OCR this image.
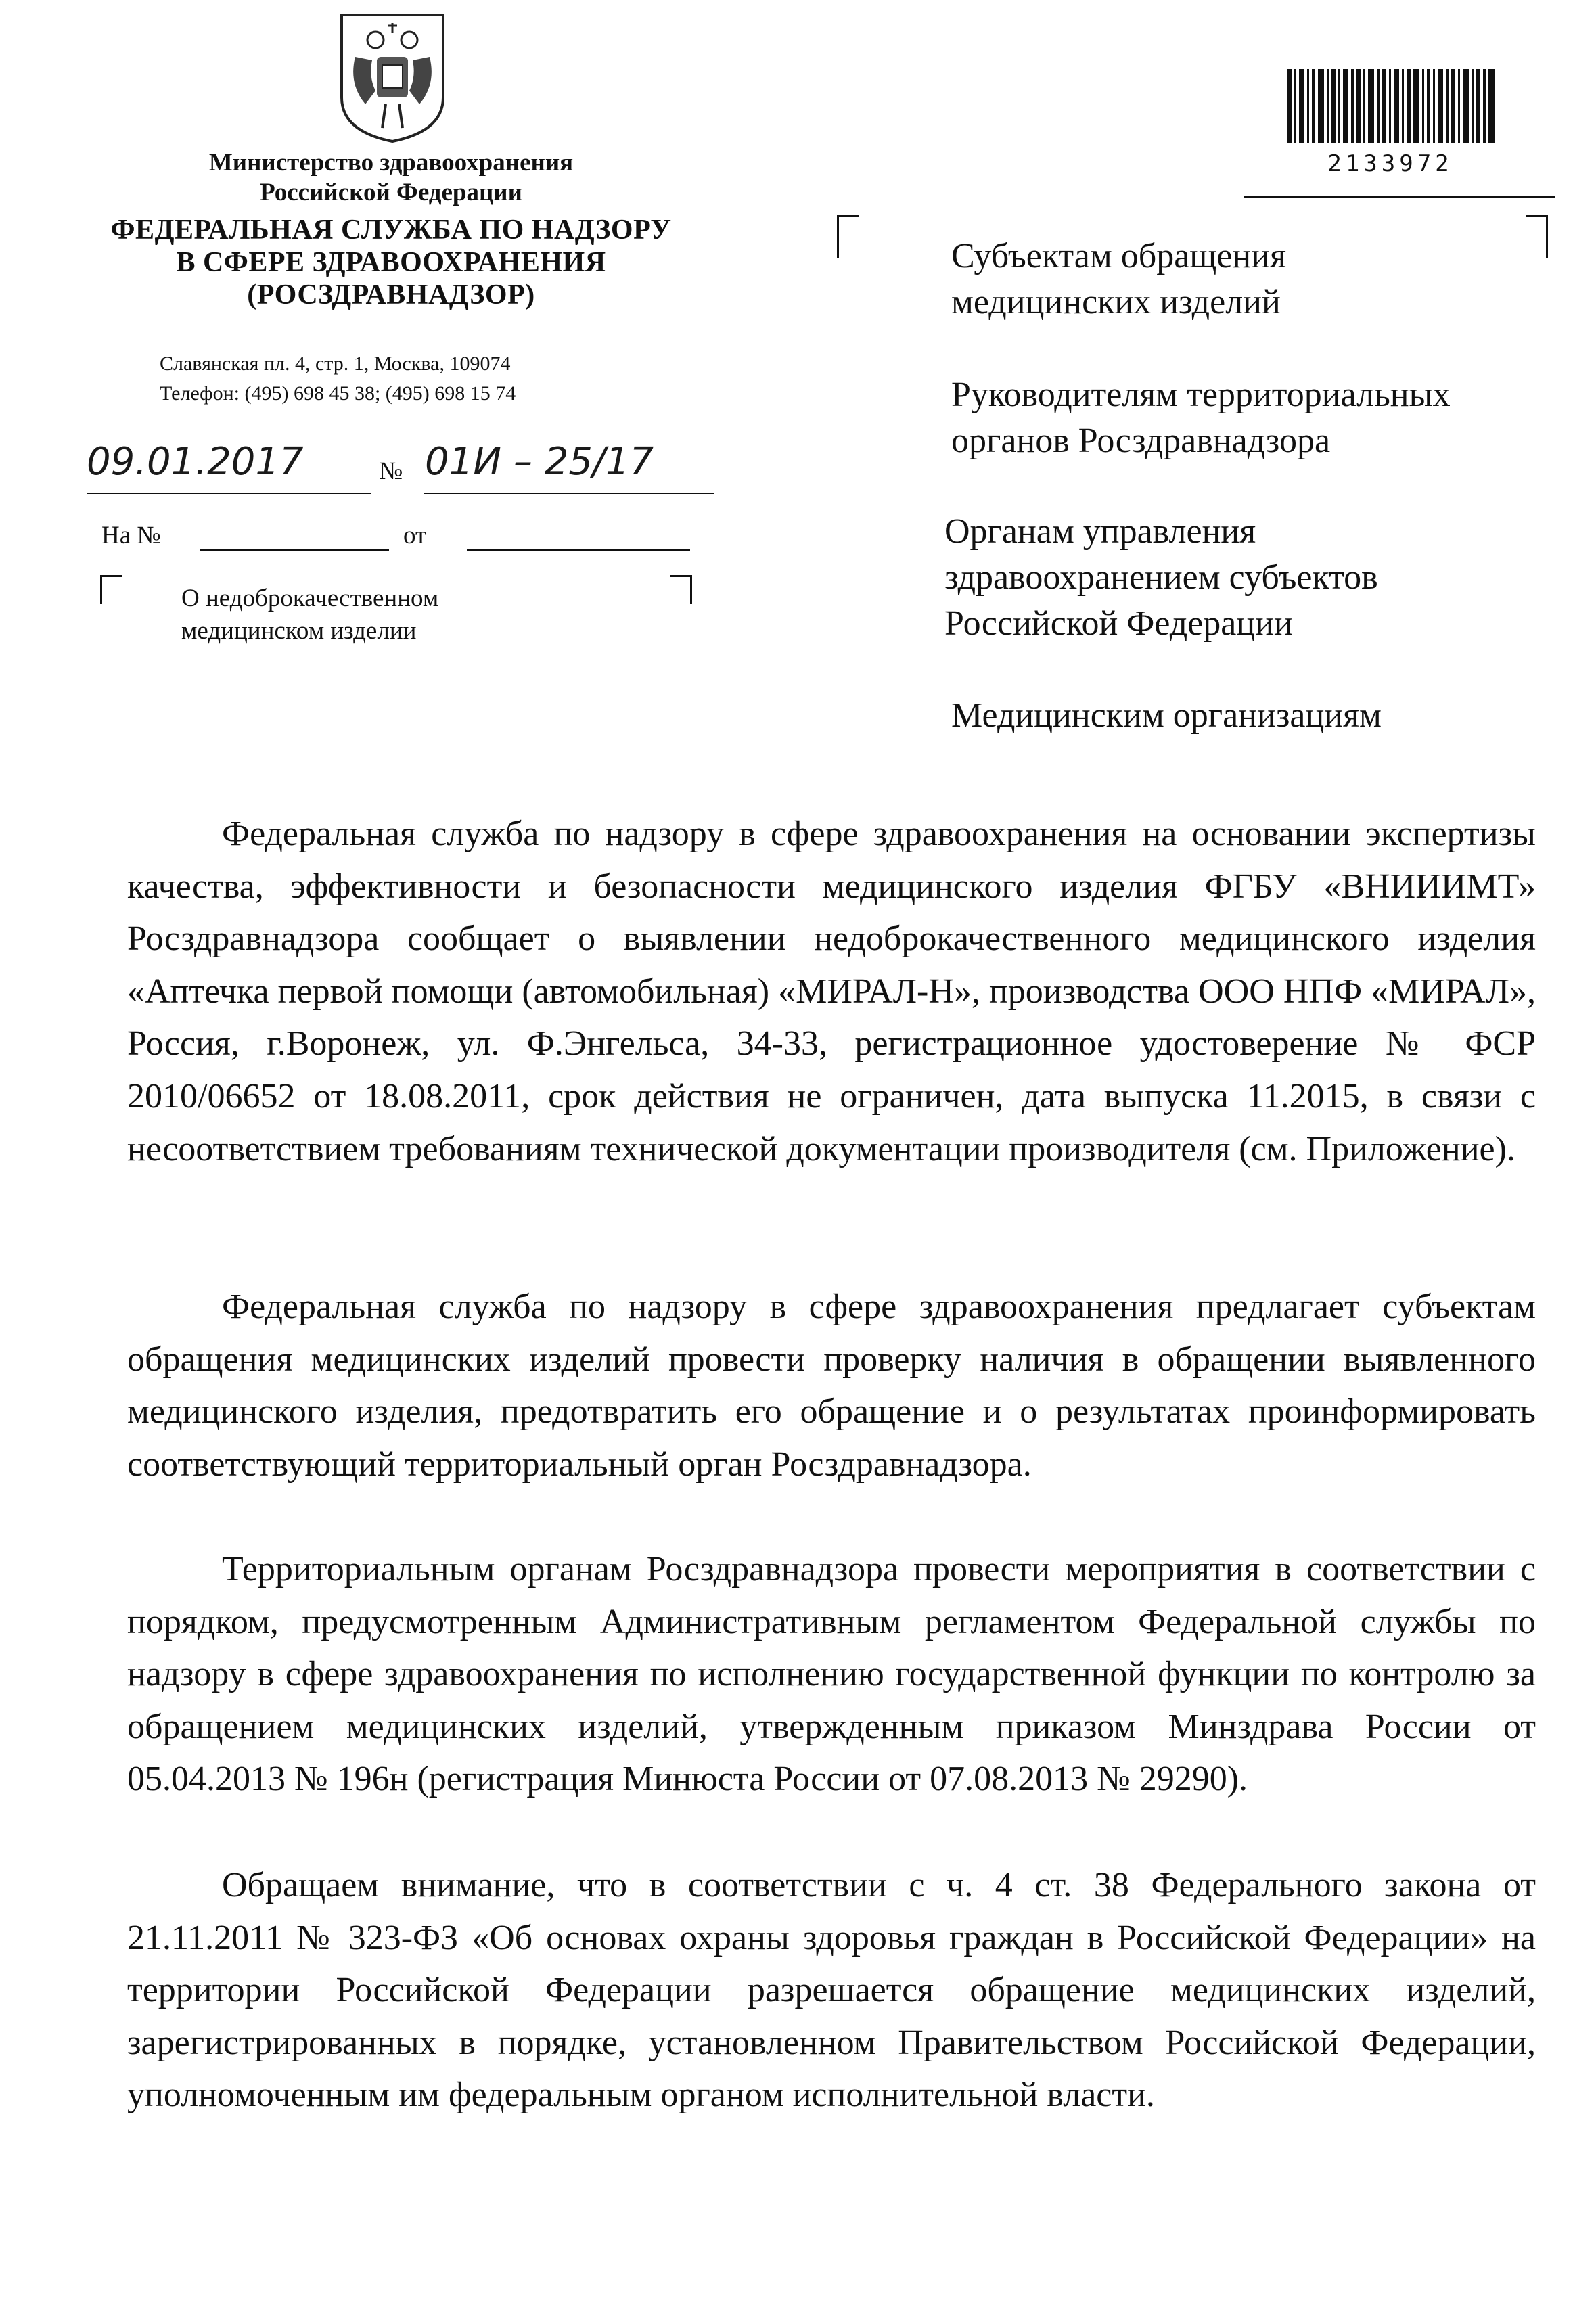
Министерство здравоохранения
Российской Федерации
ФЕДЕРАЛЬНАЯ СЛУЖБА ПО НАДЗОРУ
В СФЕРЕ ЗДРАВООХРАНЕНИЯ
(РОСЗДРАВНАДЗОР)
Славянская пл. 4, стр. 1, Москва, 109074
Телефон: (495) 698 45 38; (495) 698 15 74
09.01.2017	№ 01И – 25/17
На №	от
О недоброкачественном
медицинском изделии
2133972
Субъектам обращения
медицинских изделий
Руководителям территориальных
органов Росздравнадзора
Органам управления
здравоохранением субъектов
Российской Федерации
Медицинским организациям

Федеральная служба по надзору в сфере здравоохранения на основании экспертизы качества, эффективности и безопасности медицинского изделия ФГБУ «ВНИИИМТ» Росздравнадзора сообщает о выявлении недоброкачественного медицинского изделия «Аптечка первой помощи (автомобильная) «МИРАЛ-Н», производства ООО НПФ «МИРАЛ», Россия, г.Воронеж, ул. Ф.Энгельса, 34-33, регистрационное удостоверение № ФСР 2010/06652 от 18.08.2011, срок действия не ограничен, дата выпуска 11.2015, в связи с несоответствием требованиям технической документации производителя (см. Приложение).

Федеральная служба по надзору в сфере здравоохранения предлагает субъектам обращения медицинских изделий провести проверку наличия в обращении выявленного медицинского изделия, предотвратить его обращение и о результатах проинформировать соответствующий территориальный орган Росздравнадзора.

Территориальным органам Росздравнадзора провести мероприятия в соответствии с порядком, предусмотренным Административным регламентом Федеральной службы по надзору в сфере здравоохранения по исполнению государственной функции по контролю за обращением медицинских изделий, утвержденным приказом Минздрава России от 05.04.2013 № 196н (регистрация Минюста России от 07.08.2013 № 29290).

Обращаем внимание, что в соответствии с ч. 4 ст. 38 Федерального закона от 21.11.2011 № 323-ФЗ «Об основах охраны здоровья граждан в Российской Федерации» на территории Российской Федерации разрешается обращение медицинских изделий, зарегистрированных в порядке, установленном Правительством Российской Федерации, уполномоченным им федеральным органом исполнительной власти.
